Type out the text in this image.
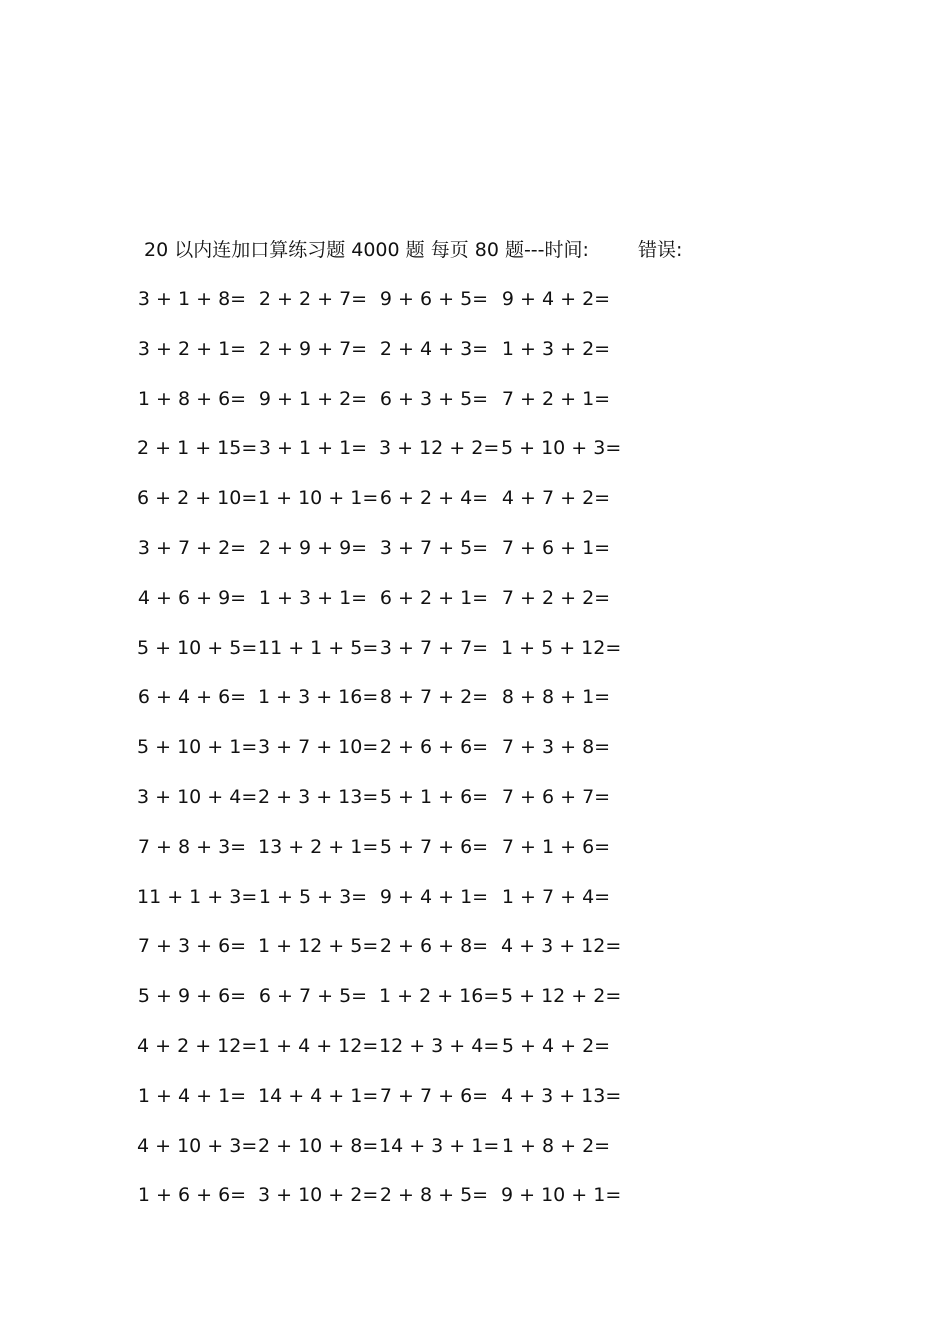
20 以内连加口算练习题 4000 题 每页 80 题---时间:	错误:
3 + 1 + 8= 2 + 2 + 7= 9 + 6 + 5= 9 + 4 + 2=
3 + 2 + 1= 2 + 9 + 7= 2 + 4 + 3= 1 + 3 + 2=
1 + 8 + 6= 9 + 1 + 2= 6 + 3 + 5= 7 + 2 + 1=
2 + 1 + 15= 3 + 1 + 1= 3 + 12 + 2= 5 + 10 + 3=
6 + 2 + 10= 1 + 10 + 1= 6 + 2 + 4= 4 + 7 + 2=
3 + 7 + 2= 2 + 9 + 9= 3 + 7 + 5= 7 + 6 + 1=
4 + 6 + 9= 1 + 3 + 1= 6 + 2 + 1= 7 + 2 + 2=
5 + 10 + 5= 11 + 1 + 5= 3 + 7 + 7= 1 + 5 + 12=
6 + 4 + 6= 1 + 3 + 16= 8 + 7 + 2= 8 + 8 + 1=
5 + 10 + 1= 3 + 7 + 10= 2 + 6 + 6= 7 + 3 + 8=
3 + 10 + 4= 2 + 3 + 13= 5 + 1 + 6= 7 + 6 + 7=
7 + 8 + 3= 13 + 2 + 1= 5 + 7 + 6= 7 + 1 + 6=
11 + 1 + 3= 1 + 5 + 3= 9 + 4 + 1= 1 + 7 + 4=
7 + 3 + 6= 1 + 12 + 5= 2 + 6 + 8= 4 + 3 + 12=
5 + 9 + 6= 6 + 7 + 5= 1 + 2 + 16= 5 + 12 + 2=
4 + 2 + 12= 1 + 4 + 12= 12 + 3 + 4= 5 + 4 + 2=
1 + 4 + 1= 14 + 4 + 1= 7 + 7 + 6= 4 + 3 + 13=
4 + 10 + 3= 2 + 10 + 8= 14 + 3 + 1= 1 + 8 + 2=
1 + 6 + 6= 3 + 10 + 2= 2 + 8 + 5= 9 + 10 + 1=
